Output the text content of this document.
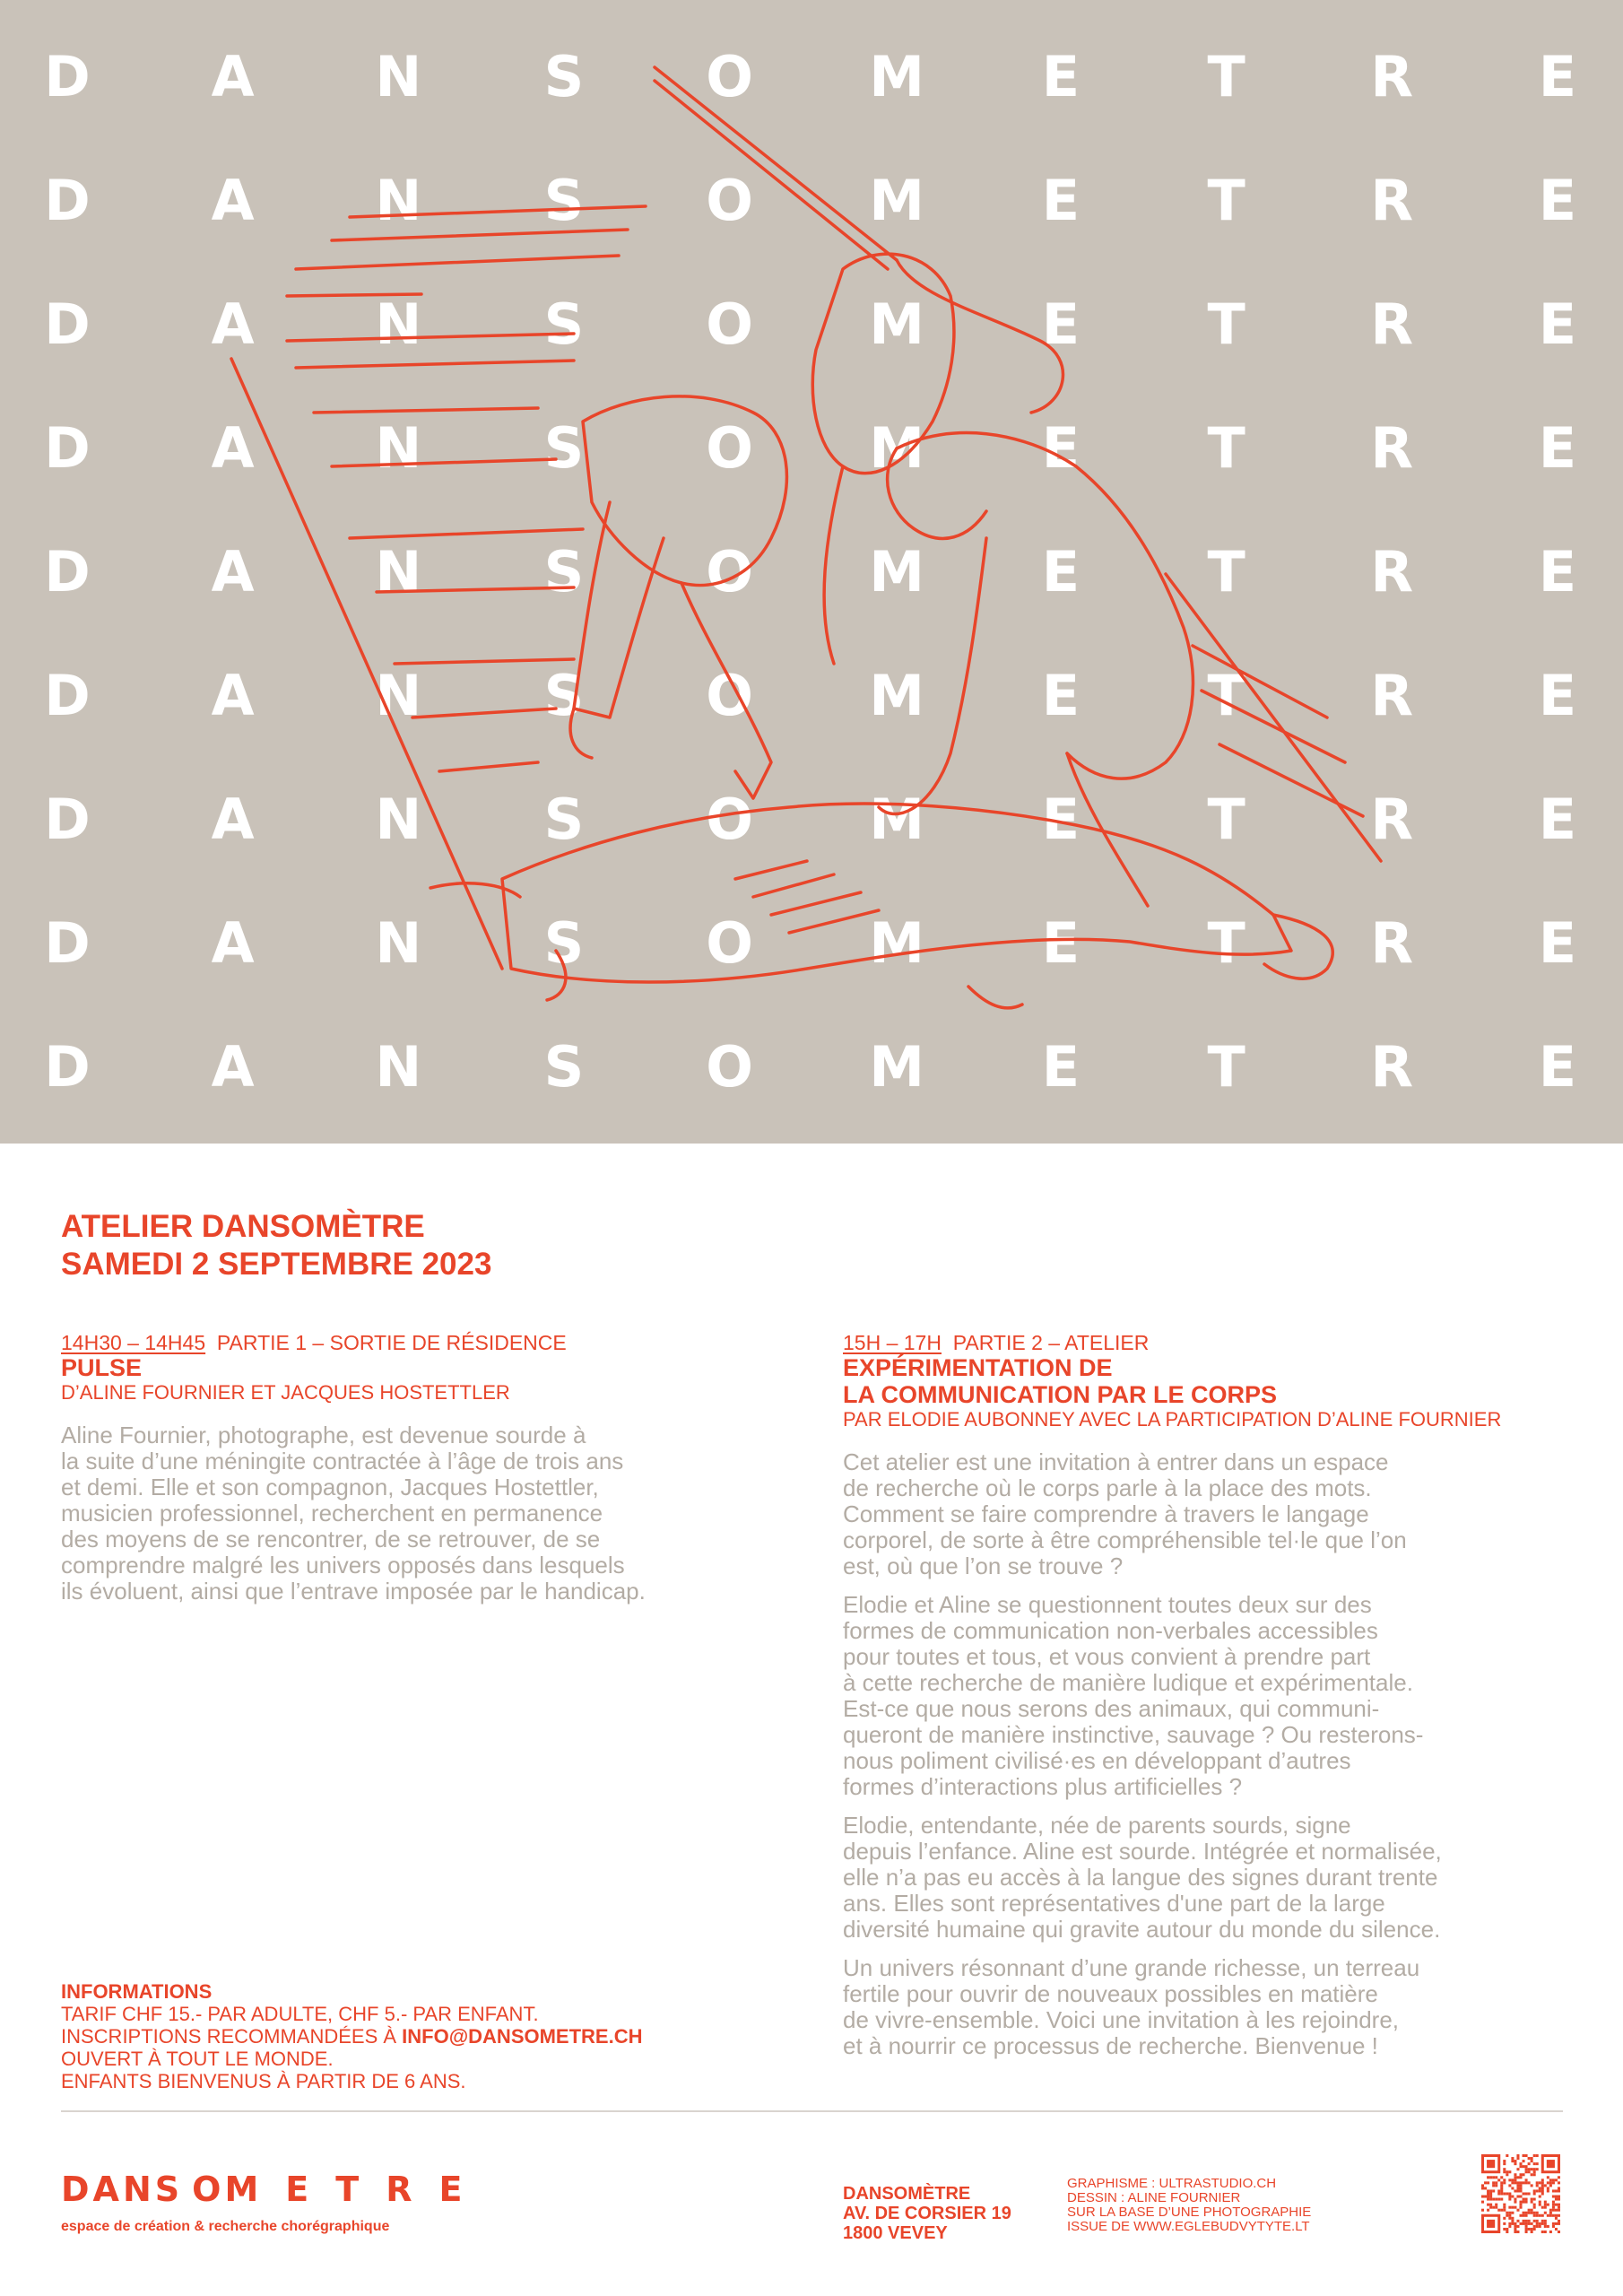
D A N S O M E T R E
D A N S O M E T R E
D A N S O M E T R E
D A N S O M E T R E
D A N S O M E T R E
D A N S O M E T R E
D A N S O M E T R E
D A N S O M E T R E
D A N S O M E T R E
ATELIER DANSOMÈTRE
SAMEDI 2 SEPTEMBRE 2023
14H30 – 14H45 PARTIE 1 – SORTIE DE RÉSIDENCE
PULSE
D’ALINE FOURNIER ET JACQUES HOSTETTLER
Aline Fournier, photographe, est devenue sourde à
la suite d’une méningite contractée à l’âge de trois ans
et demi. Elle et son compagnon, Jacques Hostettler,
musicien professionnel, recherchent en permanence
des moyens de se rencontrer, de se retrouver, de se
comprendre malgré les univers opposés dans lesquels
ils évoluent, ainsi que l’entrave imposée par le handicap.
15H – 17H PARTIE 2 – ATELIER
EXPÉRIMENTATION DE
LA COMMUNICATION PAR LE CORPS
PAR ELODIE AUBONNEY AVEC LA PARTICIPATION D’ALINE FOURNIER
Cet atelier est une invitation à entrer dans un espace
de recherche où le corps parle à la place des mots.
Comment se faire comprendre à travers le langage
corporel, de sorte à être compréhensible tel·le que l’on
est, où que l’on se trouve ?
Elodie et Aline se questionnent toutes deux sur des
formes de communication non-verbales accessibles
pour toutes et tous, et vous convient à prendre part
à cette recherche de manière ludique et expérimentale.
Est-ce que nous serons des animaux, qui communi-
queront de manière instinctive, sauvage ? Ou resterons-
nous poliment civilisé·es en développant d’autres
formes d’interactions plus artificielles ?
Elodie, entendante, née de parents sourds, signe
depuis l’enfance. Aline est sourde. Intégrée et normalisée,
elle n’a pas eu accès à la langue des signes durant trente
ans. Elles sont représentatives d'une part de la large
diversité humaine qui gravite autour du monde du silence.
Un univers résonnant d’une grande richesse, un terreau
fertile pour ouvrir de nouveaux possibles en matière
de vivre-ensemble. Voici une invitation à les rejoindre,
et à nourrir ce processus de recherche. Bienvenue !
INFORMATIONS
TARIF CHF 15.- PAR ADULTE, CHF 5.- PAR ENFANT.
INSCRIPTIONS RECOMMANDÉES À INFO@DANSOMETRE.CH
OUVERT À TOUT LE MONDE.
ENFANTS BIENVENUS À PARTIR DE 6 ANS.
D A N S O M E T R E
espace de création & recherche chorégraphique
DANSOMÈTRE
AV. DE CORSIER 19
1800 VEVEY
GRAPHISME : ULTRASTUDIO.CH
DESSIN : ALINE FOURNIER
SUR LA BASE D’UNE PHOTOGRAPHIE
ISSUE DE WWW.EGLEBUDVYTYTE.LT
